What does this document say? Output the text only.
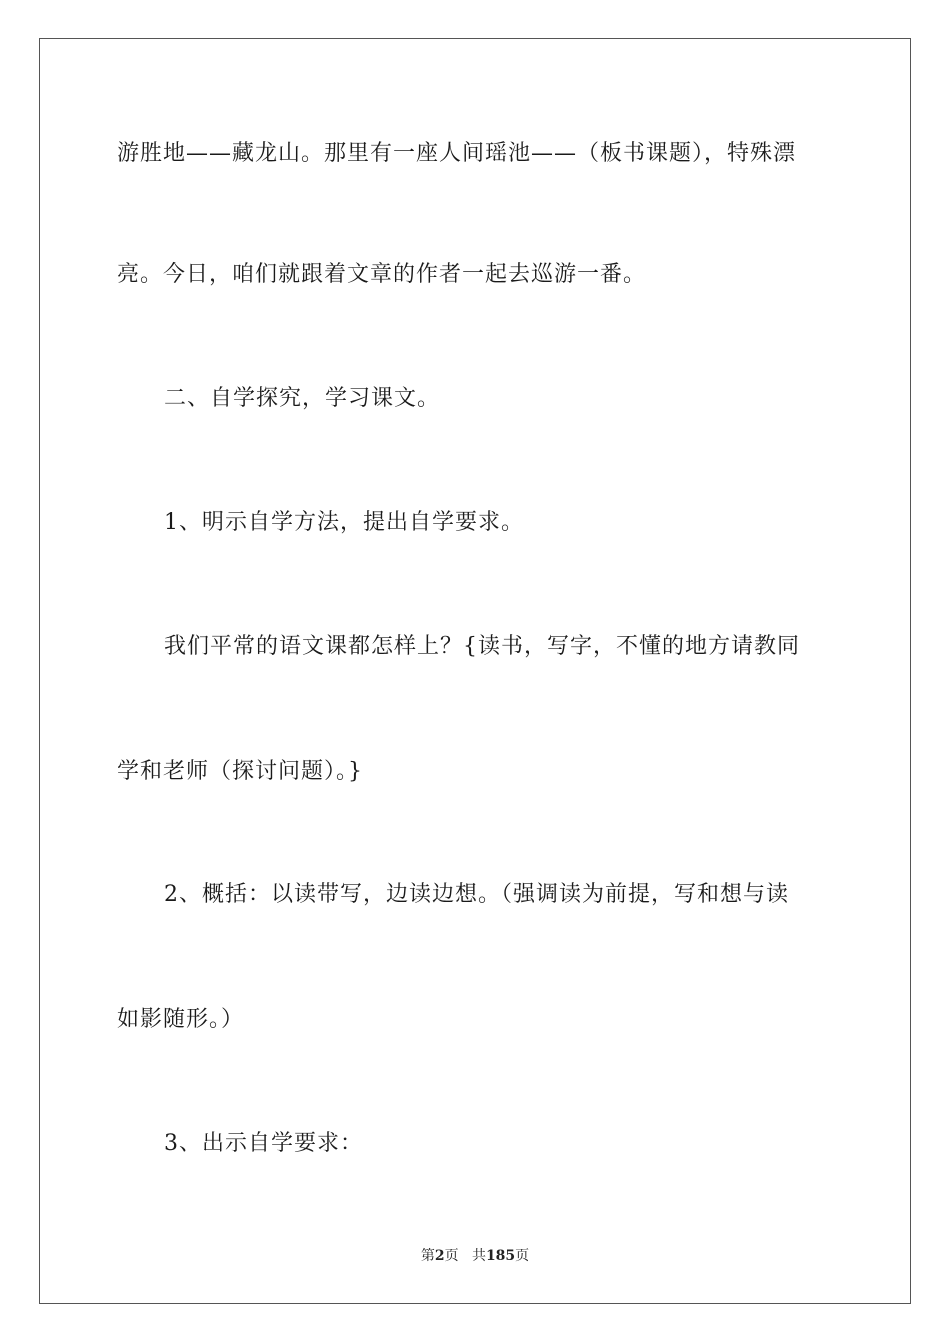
游胜地——藏龙山。那里有一座人间瑶池——（板书课题），特殊漂
亮。今日，咱们就跟着文章的作者一起去巡游一番。
二、自学探究，学习课文。
1、明示自学方法，提出自学要求。
我们平常的语文课都怎样上？{读书，写字，不懂的地方请教同
学和老师（探讨问题）。}
2、概括：以读带写，边读边想。（强调读为前提，写和想与读
如影随形。）
3、出示自学要求：
第2页 共185页
